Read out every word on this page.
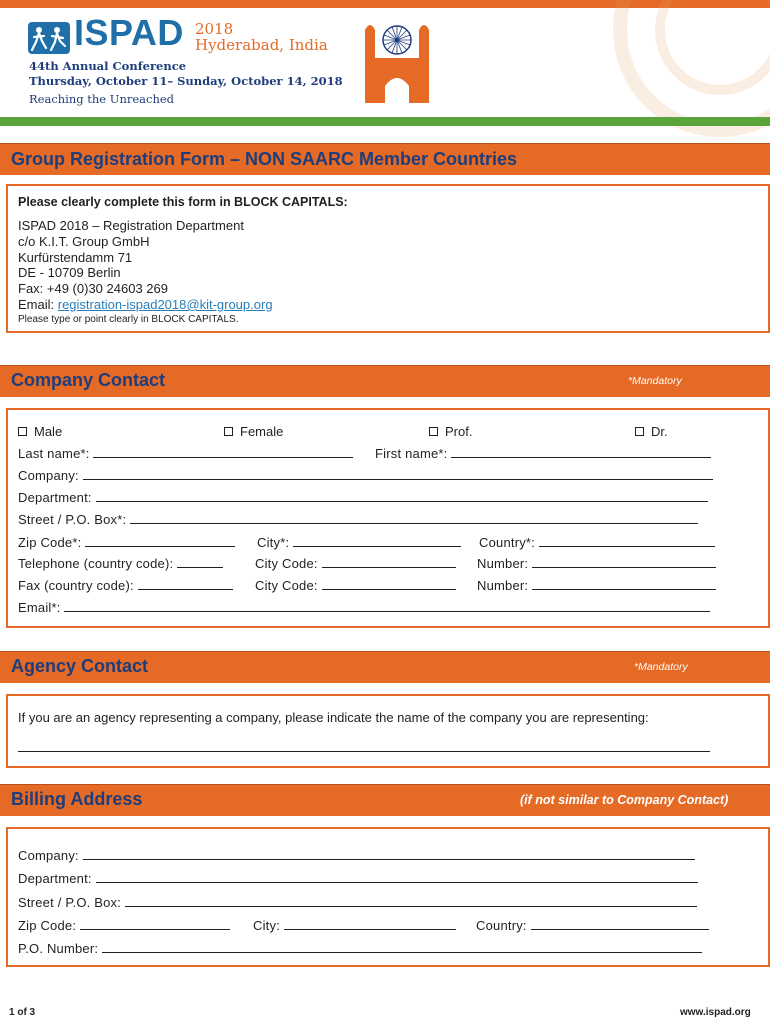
ISPAD 2018
Hyderabad, India
44th Annual Conference
Thursday, October 11– Sunday, October 14, 2018
Reaching the Unreached
Group Registration Form – NON SAARC Member Countries
Please clearly complete this form in BLOCK CAPITALS:
ISPAD 2018 – Registration Department
c/o K.I.T. Group GmbH
Kurfürstendamm 71
DE - 10709 Berlin
Fax: +49 (0)30 24603 269
Email: registration-ispad2018@kit-group.org
Please type or point clearly in BLOCK CAPITALS.
Company Contact	*Mandatory
Male	Female	Prof.	Dr.
Last name*:	First name*:
Company:
Department:
Street / P.O. Box*:
Zip Code*:	City*:	Country*:
Telephone (country code):	City Code:	Number:
Fax (country code):	City Code:	Number:
Email*:
Agency Contact	*Mandatory
If you are an agency representing a company, please indicate the name of the company you are representing:
Billing Address	(if not similar to Company Contact)
Company:
Department:
Street / P.O. Box:
Zip Code:	City:	Country:
P.O. Number:
1 of 3	www.ispad.org
